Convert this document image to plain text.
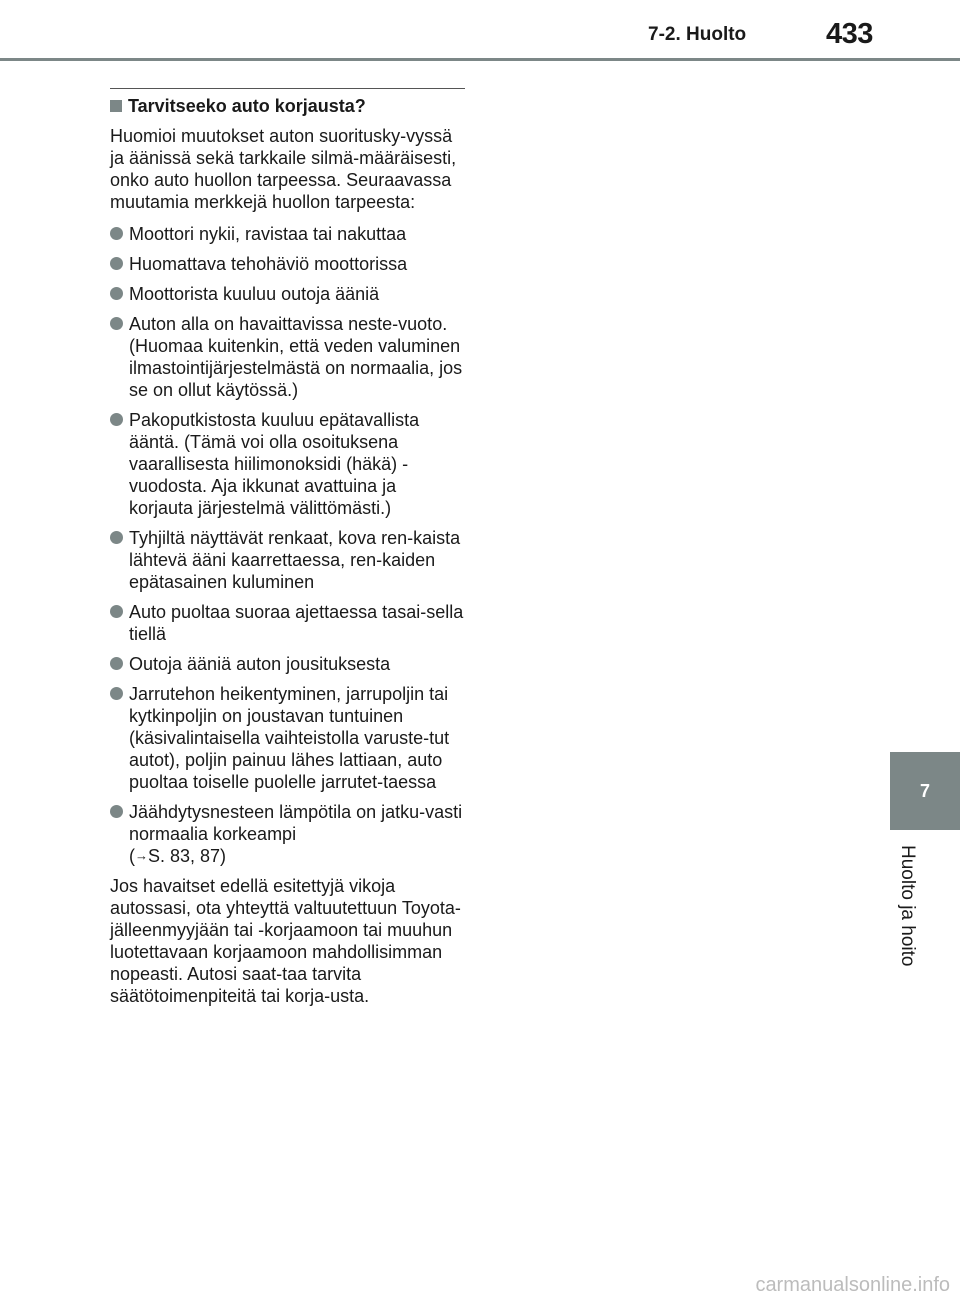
7-2. Huolto	433
7
Huolto ja hoito
Tarvitseeko auto korjausta?

Huomioi muutokset auton suoritusky-vyssä ja äänissä sekä tarkkaile silmä-määräisesti, onko auto huollon tarpeessa. Seuraavassa muutamia merkkejä huollon tarpeesta:

Moottori nykii, ravistaa tai nakuttaa
Huomattava tehohäviö moottorissa
Moottorista kuuluu outoja ääniä
Auton alla on havaittavissa neste-vuoto. (Huomaa kuitenkin, että veden valuminen ilmastointijärjestelmästä on normaalia, jos se on ollut käytössä.)
Pakoputkistosta kuuluu epätavallista ääntä. (Tämä voi olla osoituksena vaarallisesta hiilimonoksidi (häkä) -vuodosta. Aja ikkunat avattuina ja korjauta järjestelmä välittömästi.)
Tyhjiltä näyttävät renkaat, kova ren-kaista lähtevä ääni kaarrettaessa, ren-kaiden epätasainen kuluminen
Auto puoltaa suoraa ajettaessa tasai-sella tiellä
Outoja ääniä auton jousituksesta
Jarrutehon heikentyminen, jarrupoljin tai kytkinpoljin on joustavan tuntuinen (käsivalintaisella vaihteistolla varuste-tut autot), poljin painuu lähes lattiaan, auto puoltaa toiselle puolelle jarrutet-taessa
Jäähdytysnesteen lämpötila on jatku-vasti normaalia korkeampi
(→S. 83, 87)

Jos havaitset edellä esitettyjä vikoja autossasi, ota yhteyttä valtuutettuun Toyota-jälleenmyyjään tai -korjaamoon tai muuhun luotettavaan korjaamoon mahdollisimman nopeasti. Autosi saat-taa tarvita säätötoimenpiteitä tai korja-usta.

carmanualsonline.info
